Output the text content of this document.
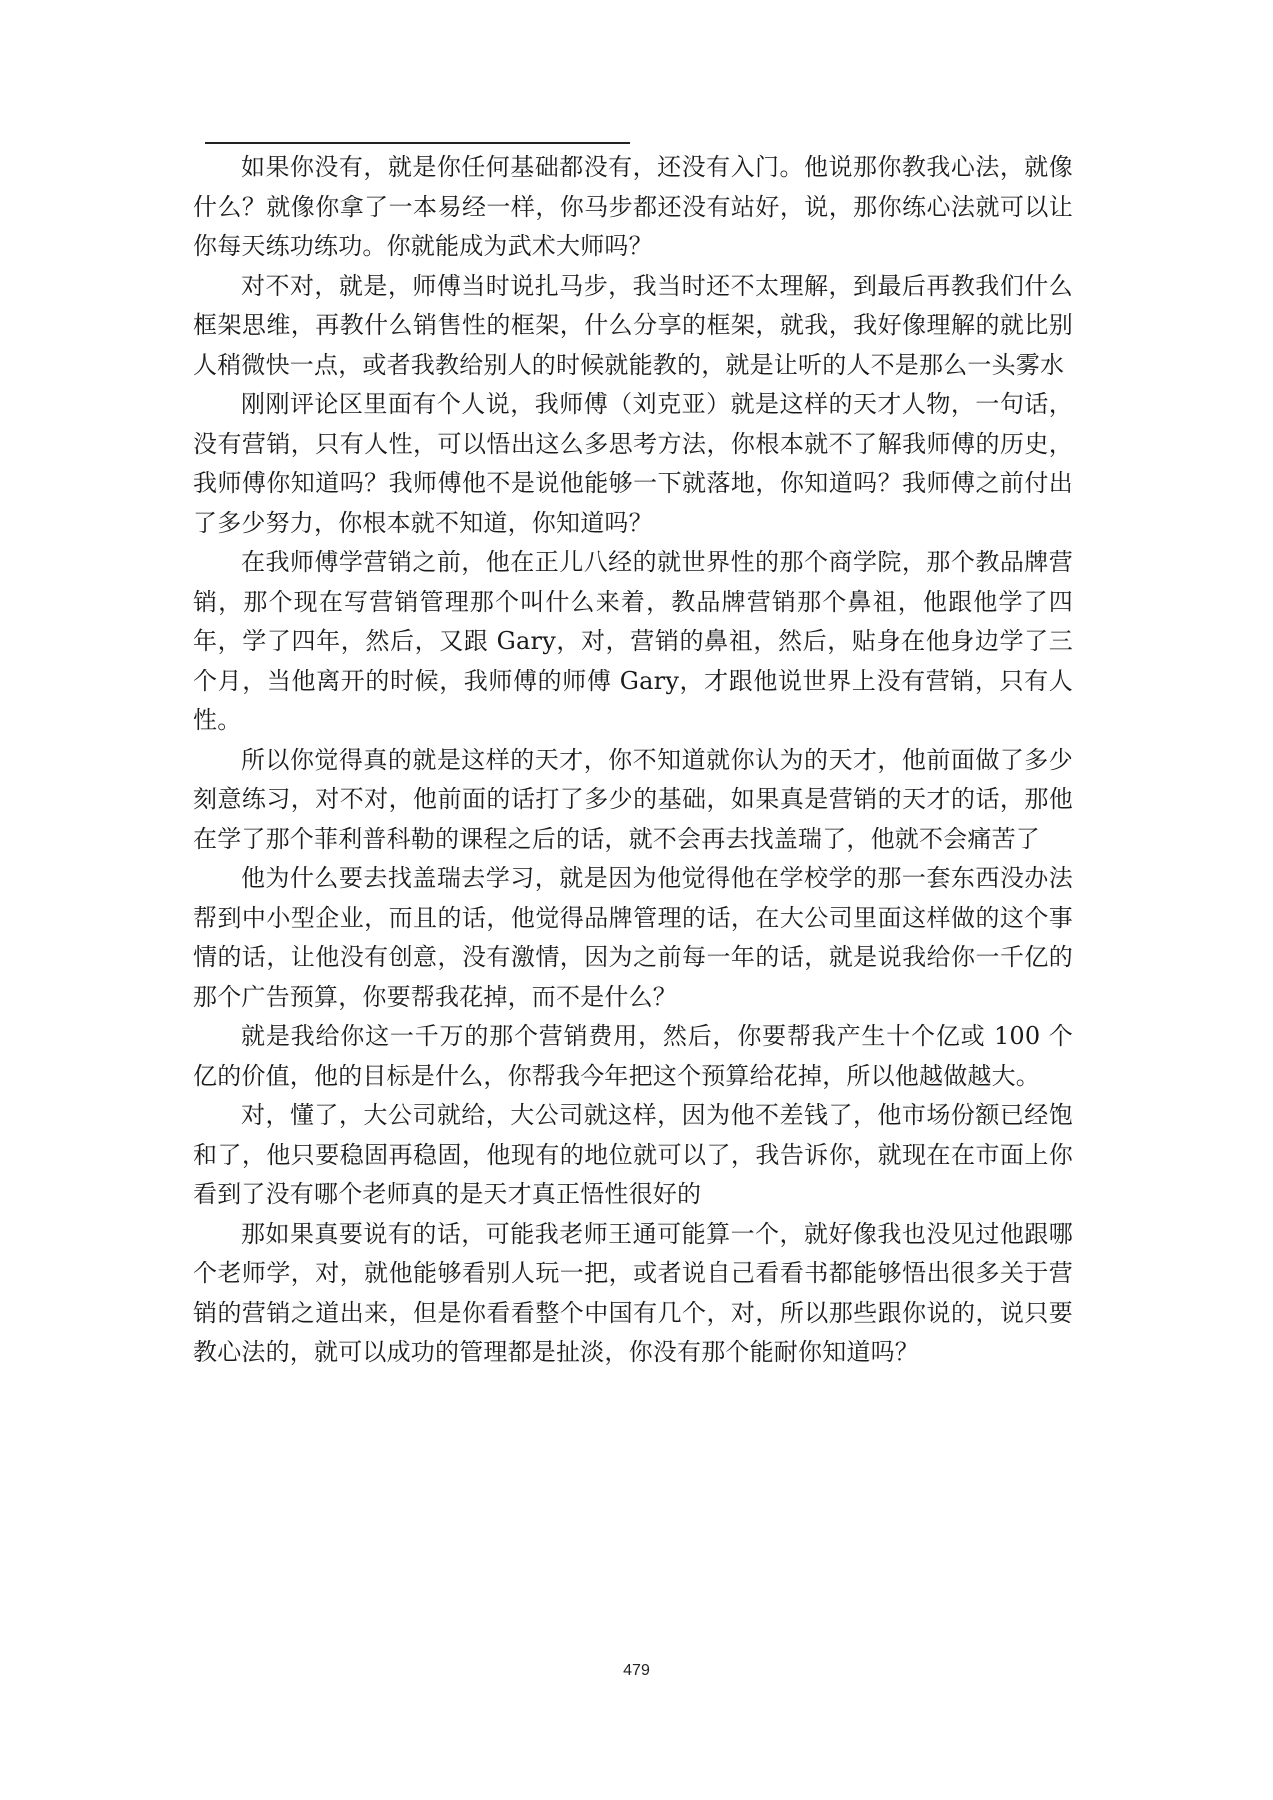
如果你没有，就是你任何基础都没有，还没有入门。他说那你教我心法，就像什么？就像你拿了一本易经一样，你马步都还没有站好，说，那你练心法就可以让你每天练功练功。你就能成为武术大师吗？

对不对，就是，师傅当时说扎马步，我当时还不太理解，到最后再教我们什么框架思维，再教什么销售性的框架，什么分享的框架，就我，我好像理解的就比别人稍微快一点，或者我教给别人的时候就能教的，就是让听的人不是那么一头雾水

刚刚评论区里面有个人说，我师傅（刘克亚）就是这样的天才人物，一句话，没有营销，只有人性，可以悟出这么多思考方法，你根本就不了解我师傅的历史，我师傅你知道吗？我师傅他不是说他能够一下就落地，你知道吗？我师傅之前付出了多少努力，你根本就不知道，你知道吗？

在我师傅学营销之前，他在正儿八经的就世界性的那个商学院，那个教品牌营销，那个现在写营销管理那个叫什么来着，教品牌营销那个鼻祖，他跟他学了四年，学了四年，然后，又跟 Gary，对，营销的鼻祖，然后，贴身在他身边学了三个月，当他离开的时候，我师傅的师傅 Gary，才跟他说世界上没有营销，只有人性。

所以你觉得真的就是这样的天才，你不知道就你认为的天才，他前面做了多少刻意练习，对不对，他前面的话打了多少的基础，如果真是营销的天才的话，那他在学了那个菲利普科勒的课程之后的话，就不会再去找盖瑞了，他就不会痛苦了

他为什么要去找盖瑞去学习，就是因为他觉得他在学校学的那一套东西没办法帮到中小型企业，而且的话，他觉得品牌管理的话，在大公司里面这样做的这个事情的话，让他没有创意，没有激情，因为之前每一年的话，就是说我给你一千亿的那个广告预算，你要帮我花掉，而不是什么？

就是我给你这一千万的那个营销费用，然后，你要帮我产生十个亿或 100 个亿的价值，他的目标是什么，你帮我今年把这个预算给花掉，所以他越做越大。

对，懂了，大公司就给，大公司就这样，因为他不差钱了，他市场份额已经饱和了，他只要稳固再稳固，他现有的地位就可以了，我告诉你，就现在在市面上你看到了没有哪个老师真的是天才真正悟性很好的

那如果真要说有的话，可能我老师王通可能算一个，就好像我也没见过他跟哪个老师学，对，就他能够看别人玩一把，或者说自己看看书都能够悟出很多关于营销的营销之道出来，但是你看看整个中国有几个，对，所以那些跟你说的，说只要教心法的，就可以成功的管理都是扯淡，你没有那个能耐你知道吗？

479
